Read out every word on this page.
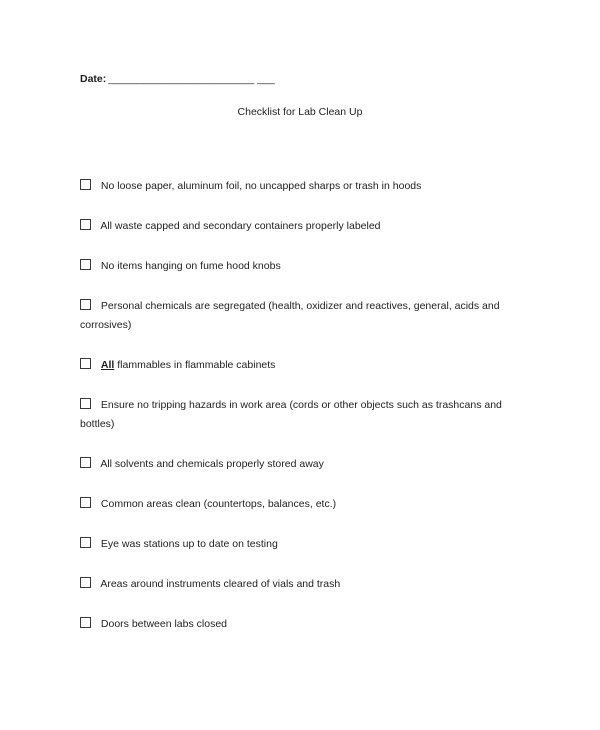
Date: _________________________ ___
Checklist for Lab Clean Up

No loose paper, aluminum foil, no uncapped sharps or trash in hoods

All waste capped and secondary containers properly labeled

No items hanging on fume hood knobs

Personal chemicals are segregated (health, oxidizer and reactives, general, acids and corrosives)

All flammables in flammable cabinets

Ensure no tripping hazards in work area (cords or other objects such as trashcans and bottles)

All solvents and chemicals properly stored away

Common areas clean (countertops, balances, etc.)

Eye was stations up to date on testing

Areas around instruments cleared of vials and trash

Doors between labs closed
